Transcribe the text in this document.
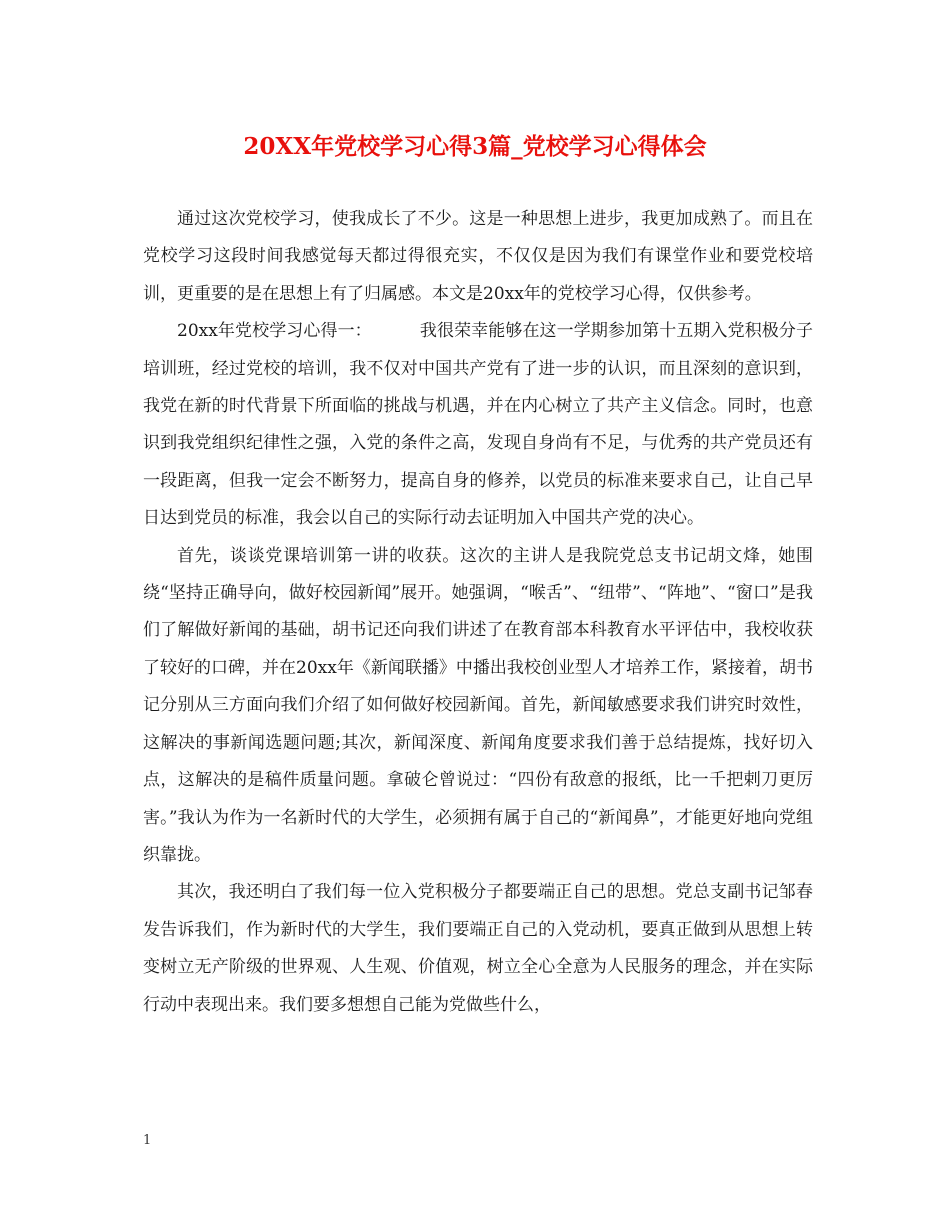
20XX年党校学习心得3篇_党校学习心得体会

通过这次党校学习，使我成长了不少。这是一种思想上进步，我更加成熟了。而且在党校学习这段时间我感觉每天都过得很充实，不仅仅是因为我们有课堂作业和要党校培训，更重要的是在思想上有了归属感。本文是20xx年的党校学习心得，仅供参考。

20xx年党校学习心得一：	我很荣幸能够在这一学期参加第十五期入党积极分子培训班，经过党校的培训，我不仅对中国共产党有了进一步的认识，而且深刻的意识到，我党在新的时代背景下所面临的挑战与机遇，并在内心树立了共产主义信念。同时，也意识到我党组织纪律性之强，入党的条件之高，发现自身尚有不足，与优秀的共产党员还有一段距离，但我一定会不断努力，提高自身的修养，以党员的标准来要求自己，让自己早日达到党员的标准，我会以自己的实际行动去证明加入中国共产党的决心。

首先，谈谈党课培训第一讲的收获。这次的主讲人是我院党总支书记胡文烽，她围绕“坚持正确导向，做好校园新闻”展开。她强调，“喉舌”、“纽带”、“阵地”、“窗口”是我们了解做好新闻的基础，胡书记还向我们讲述了在教育部本科教育水平评估中，我校收获了较好的口碑，并在20xx年《新闻联播》中播出我校创业型人才培养工作，紧接着，胡书记分别从三方面向我们介绍了如何做好校园新闻。首先，新闻敏感要求我们讲究时效性，这解决的事新闻选题问题;其次，新闻深度、新闻角度要求我们善于总结提炼，找好切入点，这解决的是稿件质量问题。拿破仑曾说过：“四份有敌意的报纸，比一千把剌刀更厉害。”我认为作为一名新时代的大学生，必须拥有属于自己的“新闻鼻”，才能更好地向党组织靠拢。

其次，我还明白了我们每一位入党积极分子都要端正自己的思想。党总支副书记邹春发告诉我们，作为新时代的大学生，我们要端正自己的入党动机，要真正做到从思想上转变树立无产阶级的世界观、人生观、价值观，树立全心全意为人民服务的理念，并在实际行动中表现出来。我们要多想想自己能为党做些什么，

1
